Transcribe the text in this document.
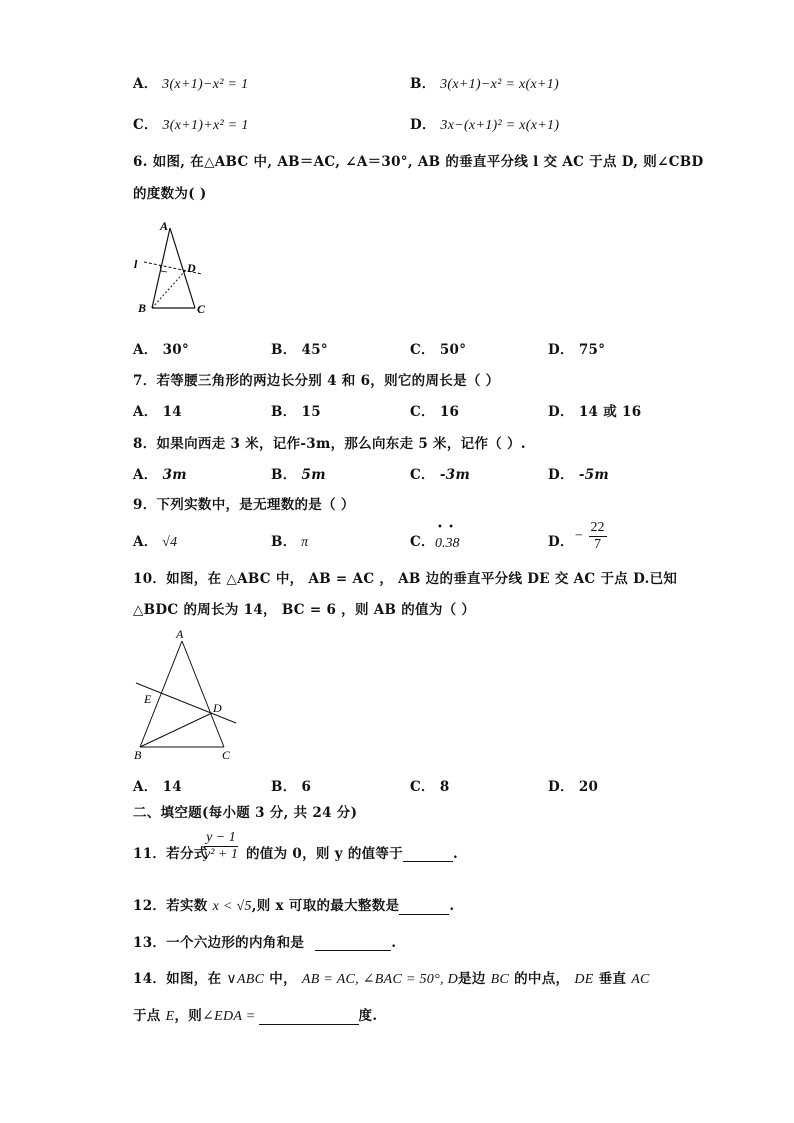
A． 3(x+1)−x² = 1	B． 3(x+1)−x² = x(x+1)
C． 3(x+1)+x² = 1	D． 3x−(x+1)² = x(x+1)
6. 如图, 在△ABC 中, AB＝AC, ∠A＝30°, AB 的垂直平分线 l 交 AC 于点 D, 则∠CBD
的度数为( )
A
B	C
D
l
A． 30°	B． 45°	C． 50°	D． 75°
7．若等腰三角形的两边长分别 4 和 6，则它的周长是（ ）
A． 14	B． 15	C． 16	D． 14 或 16
8．如果向西走 3 米，记作-3m，那么向东走 5 米，记作（ ）.
A． 3m	B． 5m	C． -3m	D． -5m
9．下列实数中，是无理数的是（ ）
A． √4	B． π	C．
• •
0.38	D． − $\frac{22}{7}$
10．如图，在 △ABC 中， AB = AC ， AB 边的垂直平分线 DE 交 AC 于点 D.已知
△BDC 的周长为 14， BC = 6 ，则 AB 的值为（ ）
A
B	C
D
E
A． 14	B． 6	C． 8	D． 20
二、填空题(每小题 3 分, 共 24 分)
11．若分式
$\frac{y - 1}{\text{y² + 1}}$ 的值为 0，则 y 的值等于	.
12．若实数 x < √5,则 x 可取的最大整数是	.
13．一个六边形的内角和是	.
14．如图，在 ∨ABC 中， AB = AC, ∠BAC = 50°, D是边 BC 的中点， DE 垂直 AC
于点 E，则∠EDA =	度.
